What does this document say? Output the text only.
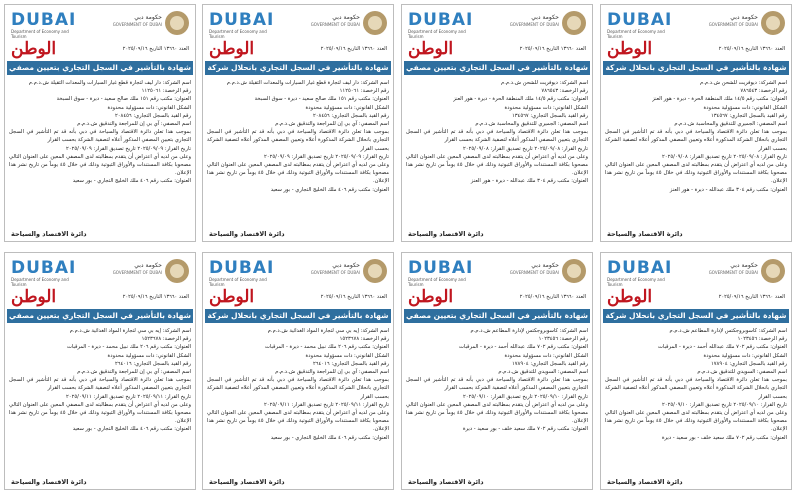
DUBAI
Department of Economy and Tourism
حكومة دبي
GOVERNMENT OF DUBAI
الوطن	العدد ١٣٦٦٠ التاريخ ٢٠٢٥/٠٩/١٦
شهادة بالتأشير في السجل التجاري بانحلال شركة

اسم الشركة: ديوفريت للشحن ش.ذ.م.م

رقم الرخصة: ٧٨٦٥٤٣

العنوان: مكتب رقم ١٤/٥ ملك المنطقة الحرة - ديرة - هور العنز

الشكل القانوني: ذات مسؤولية محدودة

رقم القيد بالسجل التجاري: ١٣٤٥٦٧

اسم المصفي: الجميري للتدقيق والمحاسبة ش.ذ.م.م

بموجب هذا تعلن دائرة الاقتصاد والسياحة في دبي بأنه قد تم التأشير في السجل التجاري بانحلال الشركة المذكورة أعلاه وتعيين المصفي المذكور أعلاه لتصفية الشركة بحسب القرار

تاريخ القرار: ٢٠٢٥/٠٩/٠٨ تاريخ تصديق القرار: ٢٠٢٥/٠٩/٠٨

وعلى من لديه أي اعتراض أن يتقدم بمطالبته لدى المصفي المعين على العنوان التالي مصحوبا بكافة المستندات والأوراق الثبوتية وذلك في خلال ٤٥ يوماً من تاريخ نشر هذا الإعلان.

العنوان: مكتب رقم ٣٠٤ ملك عبدالله - ديرة - هور العنز

دائرة الاقتصاد والسياحة
DUBAI
Department of Economy and Tourism
حكومة دبي
GOVERNMENT OF DUBAI
الوطن	العدد ١٣٦٦٠ التاريخ ٢٠٢٥/٠٩/١٦
شهادة بالتأشير في السجل التجاري بتعيين مصفي

اسم الشركة: ديوفريت للشحن ش.ذ.م.م

رقم الرخصة: ٧٨٦٥٤٣

العنوان: مكتب رقم ١٤/٥ ملك المنطقة الحرة - ديرة - هور العنز

الشكل القانوني: ذات مسؤولية محدودة

رقم القيد بالسجل التجاري: ١٣٤٥٦٧

اسم المصفي: الجميري للتدقيق والمحاسبة ش.ذ.م.م

بموجب هذا تعلن دائرة الاقتصاد والسياحة في دبي بأنه قد تم التأشير في السجل التجاري بتعيين المصفي المذكور أعلاه لتصفية الشركة بحسب القرار

تاريخ القرار: ٢٠٢٥/٠٩/٠٨ تاريخ تصديق القرار: ٢٠٢٥/٠٩/٠٨

وعلى من لديه أي اعتراض أن يتقدم بمطالبته لدى المصفي المعين على العنوان التالي مصحوبا بكافة المستندات والأوراق الثبوتية وذلك في خلال ٤٥ يوماً من تاريخ نشر هذا الإعلان.

العنوان: مكتب رقم ٣٠٤ ملك عبدالله - ديرة - هور العنز

دائرة الاقتصاد والسياحة
DUBAI
Department of Economy and Tourism
حكومة دبي
GOVERNMENT OF DUBAI
الوطن	العدد ١٣٦٦٠ التاريخ ٢٠٢٥/٠٩/١٦
شهادة بالتأشير في السجل التجاري بانحلال شركة

اسم الشركة: دار ليف لتجارة قطع غيار السيارات والمعدات الثقيلة ش.ذ.م.م

رقم الرخصة: ١١٢٥٠٦١

العنوان: مكتب رقم ١٥١ ملك صالح سعيد - ديرة - سوق السبخة

الشكل القانوني: ذات مسؤولية محدودة

رقم القيد بالسجل التجاري: ٢٠٨٤٥٦

اسم المصفي: آي بي إن للمراجعة والتدقيق ش.ذ.م.م

بموجب هذا تعلن دائرة الاقتصاد والسياحة في دبي بأنه قد تم التأشير في السجل التجاري بانحلال الشركة المذكورة أعلاه وتعيين المصفي المذكور أعلاه لتصفية الشركة بحسب القرار

تاريخ القرار: ٢٠٢٥/٠٩/٠٩ تاريخ تصديق القرار: ٢٠٢٥/٠٩/٠٩

وعلى من لديه أي اعتراض أن يتقدم بمطالبته لدى المصفي المعين على العنوان التالي مصحوبا بكافة المستندات والأوراق الثبوتية وذلك في خلال ٤٥ يوماً من تاريخ نشر هذا الإعلان.

العنوان: مكتب رقم ٤٠٦ ملك الخليج التجاري - بور سعيد

دائرة الاقتصاد والسياحة
DUBAI
Department of Economy and Tourism
حكومة دبي
GOVERNMENT OF DUBAI
الوطن	العدد ١٣٦٦٠ التاريخ ٢٠٢٥/٠٩/١٦
شهادة بالتأشير في السجل التجاري بتعيين مصفي

اسم الشركة: دار ليف لتجارة قطع غيار السيارات والمعدات الثقيلة ش.ذ.م.م

رقم الرخصة: ١١٢٥٠٦١

العنوان: مكتب رقم ١٥١ ملك صالح سعيد - ديرة - سوق السبخة

الشكل القانوني: ذات مسؤولية محدودة

رقم القيد بالسجل التجاري: ٢٠٨٤٥٦

اسم المصفي: آي بي إن للمراجعة والتدقيق ش.ذ.م.م

بموجب هذا تعلن دائرة الاقتصاد والسياحة في دبي بأنه قد تم التأشير في السجل التجاري بتعيين المصفي المذكور أعلاه لتصفية الشركة بحسب القرار

تاريخ القرار: ٢٠٢٥/٠٩/٠٩ تاريخ تصديق القرار: ٢٠٢٥/٠٩/٠٩

وعلى من لديه أي اعتراض أن يتقدم بمطالبته لدى المصفي المعين على العنوان التالي مصحوبا بكافة المستندات والأوراق الثبوتية وذلك في خلال ٤٥ يوماً من تاريخ نشر هذا الإعلان.

العنوان: مكتب رقم ٤٠٦ ملك الخليج التجاري - بور سعيد

دائرة الاقتصاد والسياحة
DUBAI
Department of Economy and Tourism
حكومة دبي
GOVERNMENT OF DUBAI
الوطن	العدد ١٣٦٦٠ التاريخ ٢٠٢٥/٠٩/١٦
شهادة بالتأشير في السجل التجاري بانحلال شركة

اسم الشركة: كاسوبروجكتس لإدارة المطاعم ش.ذ.م.م

رقم الرخصة: ١٠٢٣٤٥٦

العنوان: مكتب رقم ٧٠٢ ملك عبدالله أحمد - ديرة - المرقبات

الشكل القانوني: ذات مسؤولية محدودة

رقم القيد بالسجل التجاري: ١٧٨٩٠٤

اسم المصفي: السويدي للتدقيق ش.ذ.م.م

بموجب هذا تعلن دائرة الاقتصاد والسياحة في دبي بأنه قد تم التأشير في السجل التجاري بانحلال الشركة المذكورة أعلاه وتعيين المصفي المذكور أعلاه لتصفية الشركة بحسب القرار

تاريخ القرار: ٢٠٢٥/٠٩/١٠ تاريخ تصديق القرار: ٢٠٢٥/٠٩/١٠

وعلى من لديه أي اعتراض أن يتقدم بمطالبته لدى المصفي المعين على العنوان التالي مصحوبا بكافة المستندات والأوراق الثبوتية وذلك في خلال ٤٥ يوماً من تاريخ نشر هذا الإعلان.

العنوان: مكتب رقم ٧٠٢ ملك سعيد خلف - بور سعيد - ديرة

دائرة الاقتصاد والسياحة
DUBAI
Department of Economy and Tourism
حكومة دبي
GOVERNMENT OF DUBAI
الوطن	العدد ١٣٦٦٠ التاريخ ٢٠٢٥/٠٩/١٦
شهادة بالتأشير في السجل التجاري بتعيين مصفي

اسم الشركة: كاسوبروجكتس لإدارة المطاعم ش.ذ.م.م

رقم الرخصة: ١٠٢٣٤٥٦

العنوان: مكتب رقم ٧٠٢ ملك عبدالله أحمد - ديرة - المرقبات

الشكل القانوني: ذات مسؤولية محدودة

رقم القيد بالسجل التجاري: ١٧٨٩٠٤

اسم المصفي: السويدي للتدقيق ش.ذ.م.م

بموجب هذا تعلن دائرة الاقتصاد والسياحة في دبي بأنه قد تم التأشير في السجل التجاري بتعيين المصفي المذكور أعلاه لتصفية الشركة بحسب القرار

تاريخ القرار: ٢٠٢٥/٠٩/١٠ تاريخ تصديق القرار: ٢٠٢٥/٠٩/١٠

وعلى من لديه أي اعتراض أن يتقدم بمطالبته لدى المصفي المعين على العنوان التالي مصحوبا بكافة المستندات والأوراق الثبوتية وذلك في خلال ٤٥ يوماً من تاريخ نشر هذا الإعلان.

العنوان: مكتب رقم ٧٠٢ ملك سعيد خلف - بور سعيد - ديرة

دائرة الاقتصاد والسياحة
DUBAI
Department of Economy and Tourism
حكومة دبي
GOVERNMENT OF DUBAI
الوطن	العدد ١٣٦٦٠ التاريخ ٢٠٢٥/٠٩/١٦
شهادة بالتأشير في السجل التجاري بانحلال شركة

اسم الشركة: إيه بي سي لتجارة المواد الغذائية ش.ذ.م.م

رقم الرخصة: ١٥٢٣٦٧٨

العنوان: مكتب رقم ٢٠٦ ملك نبيل محمد - ديرة - المرقبات

الشكل القانوني: ذات مسؤولية محدودة

رقم القيد بالسجل التجاري: ٢٦٤٠١٦

اسم المصفي: آي بي إن للمراجعة والتدقيق ش.ذ.م.م

بموجب هذا تعلن دائرة الاقتصاد والسياحة في دبي بأنه قد تم التأشير في السجل التجاري بانحلال الشركة المذكورة أعلاه وتعيين المصفي المذكور أعلاه لتصفية الشركة بحسب القرار

تاريخ القرار: ٢٠٢٥/٠٩/١١ تاريخ تصديق القرار: ٢٠٢٥/٠٩/١١

وعلى من لديه أي اعتراض أن يتقدم بمطالبته لدى المصفي المعين على العنوان التالي مصحوبا بكافة المستندات والأوراق الثبوتية وذلك في خلال ٤٥ يوماً من تاريخ نشر هذا الإعلان.

العنوان: مكتب رقم ٤٠٦ ملك الخليج التجاري - بور سعيد

دائرة الاقتصاد والسياحة
DUBAI
Department of Economy and Tourism
حكومة دبي
GOVERNMENT OF DUBAI
الوطن	العدد ١٣٦٦٠ التاريخ ٢٠٢٥/٠٩/١٦
شهادة بالتأشير في السجل التجاري بتعيين مصفي

اسم الشركة: إيه بي سي لتجارة المواد الغذائية ش.ذ.م.م

رقم الرخصة: ١٥٢٣٦٧٨

العنوان: مكتب رقم ٢٠٦ ملك نبيل محمد - ديرة - المرقبات

الشكل القانوني: ذات مسؤولية محدودة

رقم القيد بالسجل التجاري: ٢٦٤٠١٦

اسم المصفي: آي بي إن للمراجعة والتدقيق ش.ذ.م.م

بموجب هذا تعلن دائرة الاقتصاد والسياحة في دبي بأنه قد تم التأشير في السجل التجاري بتعيين المصفي المذكور أعلاه لتصفية الشركة بحسب القرار

تاريخ القرار: ٢٠٢٥/٠٩/١١ تاريخ تصديق القرار: ٢٠٢٥/٠٩/١١

وعلى من لديه أي اعتراض أن يتقدم بمطالبته لدى المصفي المعين على العنوان التالي مصحوبا بكافة المستندات والأوراق الثبوتية وذلك في خلال ٤٥ يوماً من تاريخ نشر هذا الإعلان.

العنوان: مكتب رقم ٤٠٦ ملك الخليج التجاري - بور سعيد

دائرة الاقتصاد والسياحة
